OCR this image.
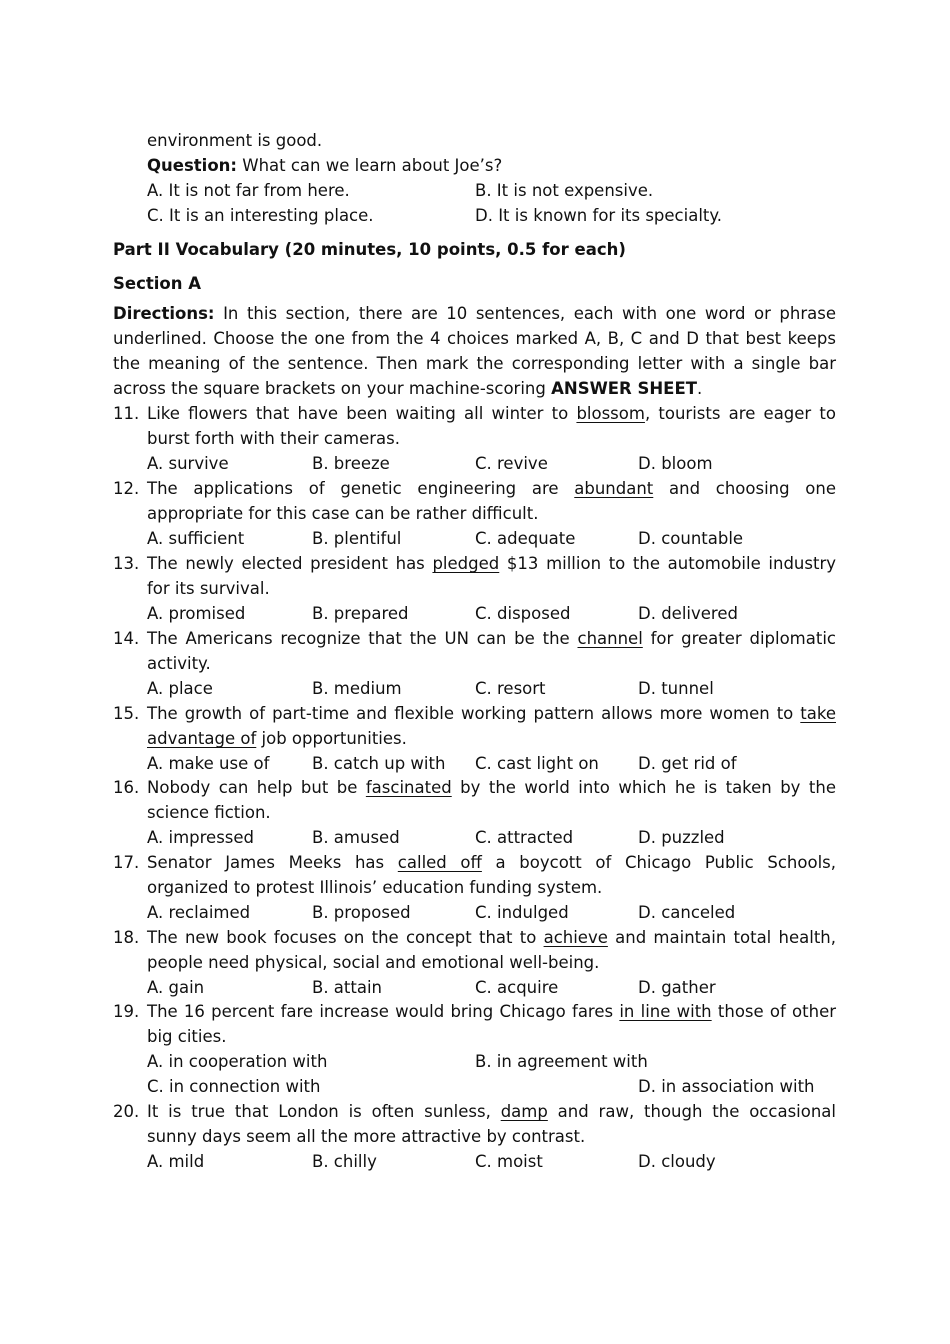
environment is good.
Question: What can we learn about Joe’s?
A. It is not far from here.	B. It is not expensive.
C. It is an interesting place.	D. It is known for its specialty.
Part II Vocabulary (20 minutes, 10 points, 0.5 for each)
Section A
Directions: In this section, there are 10 sentences, each with one word or phrase
underlined. Choose the one from the 4 choices marked A, B, C and D that best keeps
the meaning of the sentence. Then mark the corresponding letter with a single bar
across the square brackets on your machine-scoring ANSWER SHEET.
11. Like flowers that have been waiting all winter to blossom, tourists are eager to
burst forth with their cameras.
A. survive	B. breeze	C. revive	D. bloom
12. The applications of genetic engineering are abundant and choosing one
appropriate for this case can be rather difficult.
A. sufficient	B. plentiful	C. adequate	D. countable
13. The newly elected president has pledged $13 million to the automobile industry
for its survival.
A. promised	B. prepared	C. disposed	D. delivered
14. The Americans recognize that the UN can be the channel for greater diplomatic
activity.
A. place	B. medium	C. resort	D. tunnel
15. The growth of part-time and flexible working pattern allows more women to take
advantage of job opportunities.
A. make use of	B. catch up with C. cast light on D. get rid of
16. Nobody can help but be fascinated by the world into which he is taken by the
science fiction.
A. impressed	B. amused	C. attracted	D. puzzled
17. Senator James Meeks has called off a boycott of Chicago Public Schools,
organized to protest Illinois’ education funding system.
A. reclaimed	B. proposed	C. indulged	D. canceled
18. The new book focuses on the concept that to achieve and maintain total health,
people need physical, social and emotional well-being.
A. gain	B. attain	C. acquire	D. gather
19. The 16 percent fare increase would bring Chicago fares in line with those of other
big cities.
A. in cooperation with	B. in agreement with
C. in connection with	D. in association with
20. It is true that London is often sunless, damp and raw, though the occasional
sunny days seem all the more attractive by contrast.
A. mild	B. chilly	C. moist	D. cloudy
